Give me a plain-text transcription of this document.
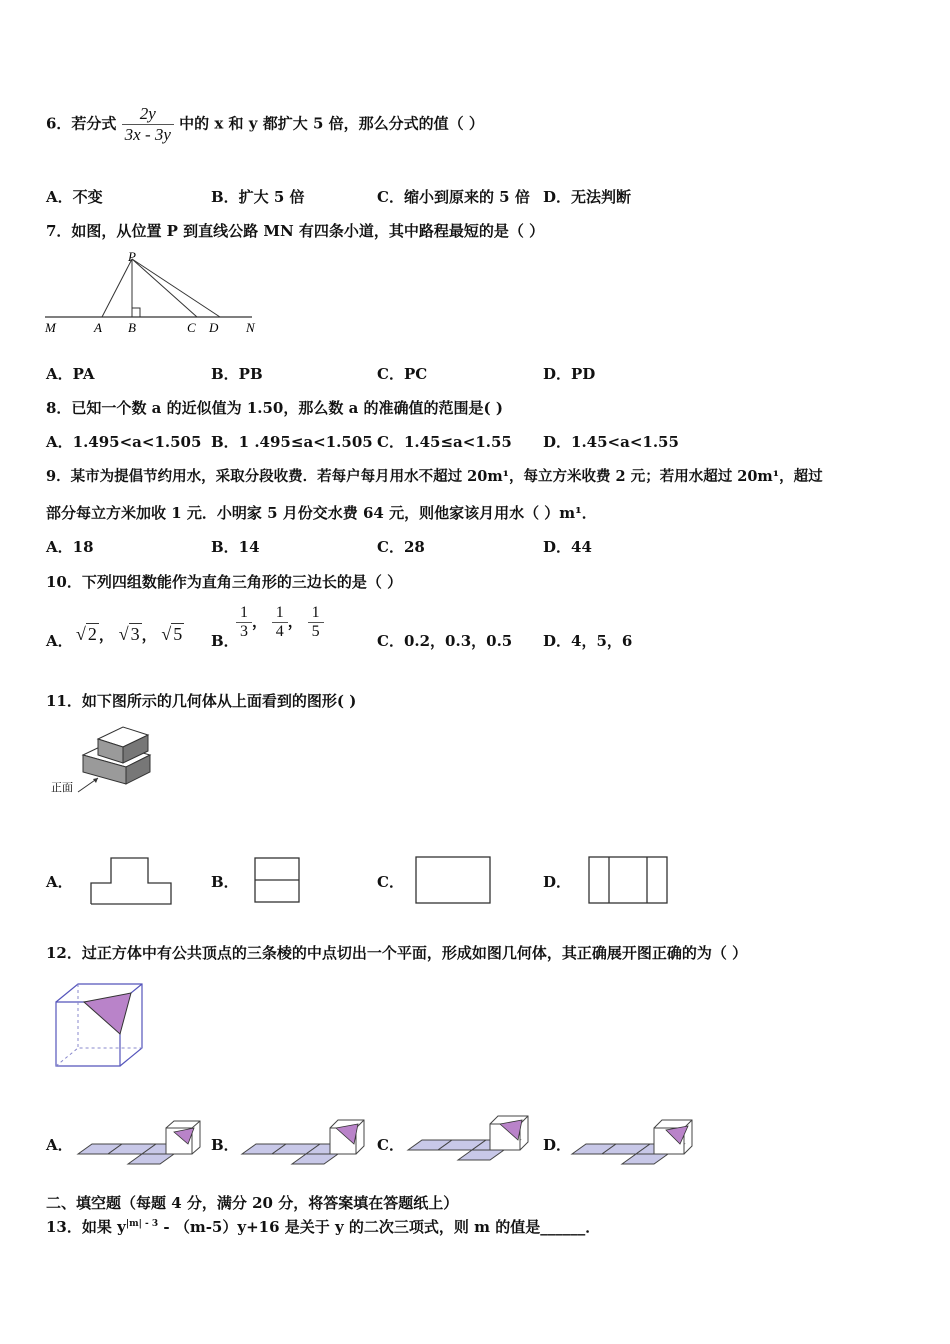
6．若分式 $\frac{2y}{3x - 3y}$ 中的 x 和 y 都扩大 5 倍，那么分式的值（ ）
A．不变	B．扩大 5 倍	C．缩小到原来的 5 倍 D．无法判断
7．如图，从位置 P 到直线公路 MN 有四条小道，其中路程最短的是（ ）
P
M	A B	C D N
A．PA	B．PB	C．PC	D．PD
8．已知一个数 a 的近似值为 1.50，那么数 a 的准确值的范围是( )
A．1.495<a<1.505 B．1 .495≤a<1.505 C．1.45≤a<1.55 D．1.45<a<1.55
9．某市为提倡节约用水，采取分段收费．若每户每月用水不超过 20m¹，每立方米收费 2 元；若用水超过 20m¹，超过
部分每立方米加收 1 元．小明家 5 月份交水费 64 元，则他家该月用水（ ）m¹．
A．18	B．14	C．28	D．44
10．下列四组数能作为直角三角形的三边长的是（ ）
A． √ 2 ， √ 3 ， √ 5 B．
$\frac{1}{3}$ ， $\frac{1}{4}$ ， $\frac{1}{5}$	C．0.2，0.3，0.5 D．4，5，6
11．如下图所示的几何体从上面看到的图形( )
正面
A．	B．	C．	D．
12．过正方体中有公共顶点的三条棱的中点切出一个平面，形成如图几何体，其正确展开图正确的为（ ）
A．	B．	C．	D．
二、填空题（每题 4 分，满分 20 分，将答案填在答题纸上）
13．如果 $y^{|m| - 3} - (m-5)y+16$ 是关于 y 的二次三项式，则 m 的值是______．
